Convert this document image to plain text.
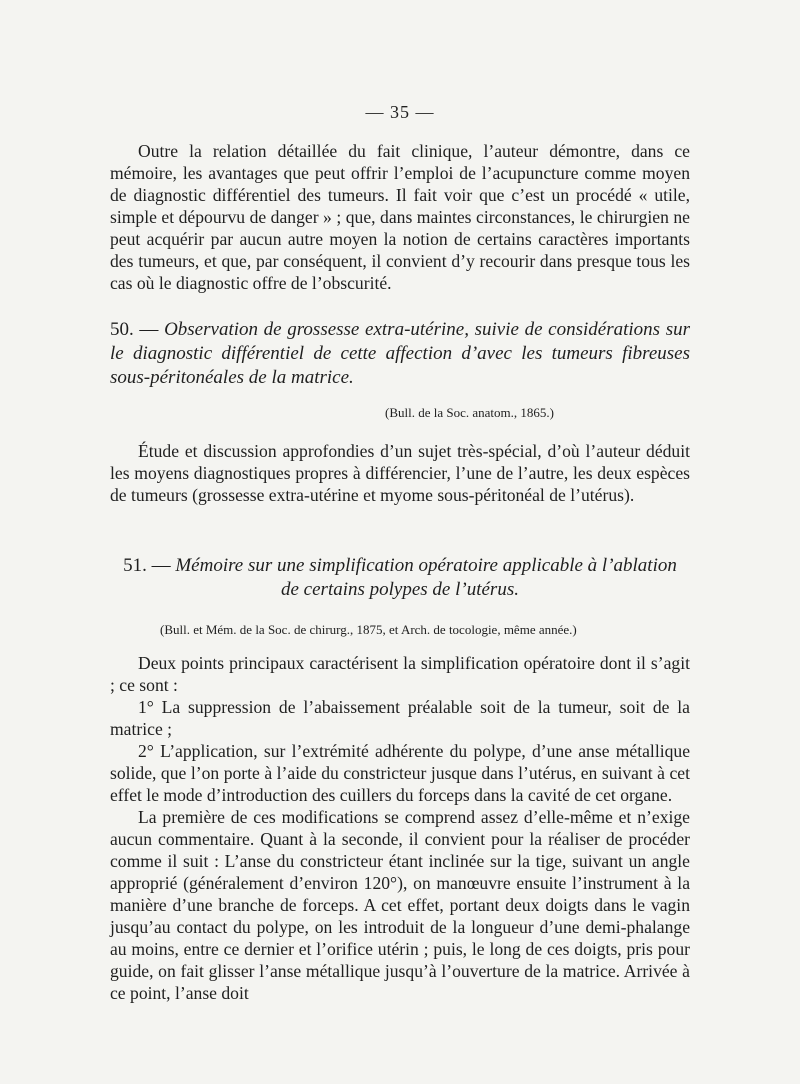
— 35 —

Outre la relation détaillée du fait clinique, l’auteur démontre, dans ce mémoire, les avantages que peut offrir l’emploi de l’acupuncture comme moyen de diagnostic différentiel des tumeurs. Il fait voir que c’est un procédé « utile, simple et dépourvu de danger » ; que, dans maintes circonstances, le chirurgien ne peut acquérir par aucun autre moyen la notion de certains caractères importants des tumeurs, et que, par conséquent, il convient d’y recourir dans presque tous les cas où le diagnostic offre de l’obscurité.

50. — Observation de grossesse extra-utérine, suivie de considérations sur le diagnostic différentiel de cette affection d’avec les tumeurs fibreuses sous-péritonéales de la matrice.
(Bull. de la Soc. anatom., 1865.)

Étude et discussion approfondies d’un sujet très-spécial, d’où l’auteur déduit les moyens diagnostiques propres à différencier, l’une de l’autre, les deux espèces de tumeurs (grossesse extra-utérine et myome sous-péritonéal de l’utérus).

51. — Mémoire sur une simplification opératoire applicable à l’ablation de certains polypes de l’utérus.
(Bull. et Mém. de la Soc. de chirurg., 1875, et Arch. de tocologie, même année.)

Deux points principaux caractérisent la simplification opératoire dont il s’agit ; ce sont :

1° La suppression de l’abaissement préalable soit de la tumeur, soit de la matrice ;

2° L’application, sur l’extrémité adhérente du polype, d’une anse métallique solide, que l’on porte à l’aide du constricteur jusque dans l’utérus, en suivant à cet effet le mode d’introduction des cuillers du forceps dans la cavité de cet organe.

La première de ces modifications se comprend assez d’elle-même et n’exige aucun commentaire. Quant à la seconde, il convient pour la réaliser de procéder comme il suit : L’anse du constricteur étant inclinée sur la tige, suivant un angle approprié (généralement d’environ 120°), on manœuvre ensuite l’instrument à la manière d’une branche de forceps. A cet effet, portant deux doigts dans le vagin jusqu’au contact du polype, on les introduit de la longueur d’une demi-phalange au moins, entre ce dernier et l’orifice utérin ; puis, le long de ces doigts, pris pour guide, on fait glisser l’anse métallique jusqu’à l’ouverture de la matrice. Arrivée à ce point, l’anse doit
